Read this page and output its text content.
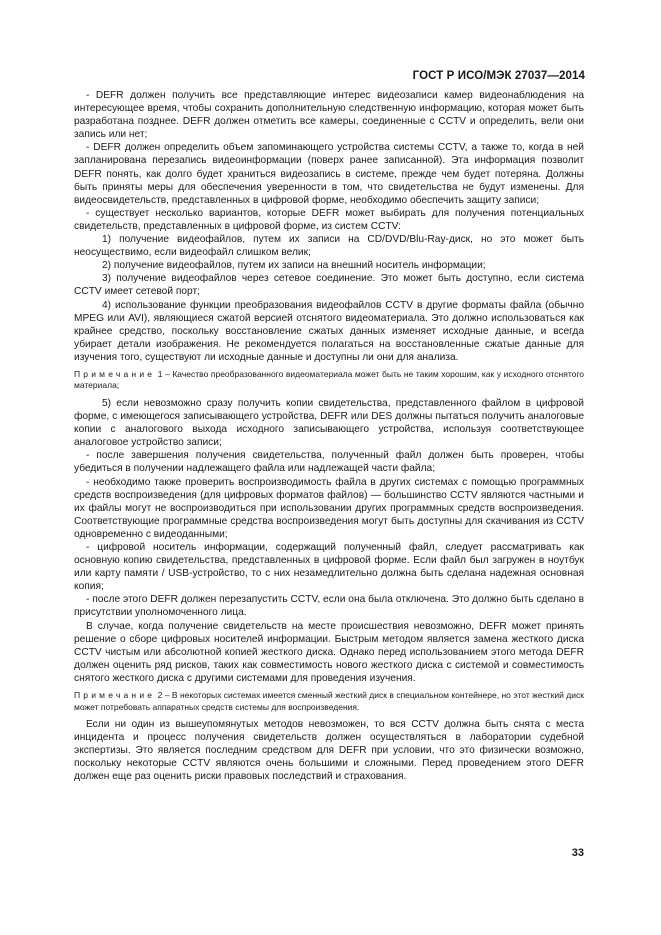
ГОСТ Р ИСО/МЭК 27037—2014

- DEFR должен получить все представляющие интерес видеозаписи камер видеонаблюдения на интересующее время, чтобы сохранить дополнительную следственную информацию, которая может быть разработана позднее. DEFR должен отметить все камеры, соединенные с CCTV и определить, вели они запись или нет;

- DEFR должен определить объем запоминающего устройства системы CCTV, а также то, когда в ней запланирована перезапись видеоинформации (поверх ранее записанной). Эта информация позволит DEFR понять, как долго будет храниться видеозапись в системе, прежде чем будет потеряна. Должны быть приняты меры для обеспечения уверенности в том, что свидетельства не будут изменены. Для видеосвидетельств, представленных в цифровой форме, необходимо обеспечить защиту записи;

- существует несколько вариантов, которые DEFR может выбирать для получения потенциальных свидетельств, представленных в цифровой форме, из систем CCTV:

1) получение видеофайлов, путем их записи на CD/DVD/Blu-Ray-диск, но это может быть неосуществимо, если видеофайл слишком велик;

2) получение видеофайлов, путем их записи на внешний носитель информации;

3) получение видеофайлов через сетевое соединение. Это может быть доступно, если система CCTV имеет сетевой порт;

4) использование функции преобразования видеофайлов CCTV в другие форматы файла (обычно MPEG или AVI), являющиеся сжатой версией отснятого видеоматериала. Это должно использоваться как крайнее средство, поскольку восстановление сжатых данных изменяет исходные данные, и всегда убирает детали изображения. Не рекомендуется полагаться на восстановленные сжатые данные для изучения того, существуют ли исходные данные и доступны ли они для анализа.

Примечание 1 – Качество преобразованного видеоматериала может быть не таким хорошим, как у исходного отснятого материала;

5) если невозможно сразу получить копии свидетельства, представленного файлом в цифровой форме, с имеющегося записывающего устройства, DEFR или DES должны пытаться получить аналоговые копии с аналогового выхода исходного записывающего устройства, используя соответствующее аналоговое устройство записи;

- после завершения получения свидетельства, полученный файл должен быть проверен, чтобы убедиться в получении надлежащего файла или надлежащей части файла;

- необходимо также проверить воспроизводимость файла в других системах с помощью программных средств воспроизведения (для цифровых форматов файлов) — большинство CCTV являются частными и их файлы могут не воспроизводиться при использовании других программных средств воспроизведения. Соответствующие программные средства воспроизведения могут быть доступны для скачивания из CCTV одновременно с видеоданными;

- цифровой носитель информации, содержащий полученный файл, следует рассматривать как основную копию свидетельства, представленных в цифровой форме. Если файл был загружен в ноутбук или карту памяти / USB-устройство, то с них незамедлительно должна быть сделана надежная основная копия;

- после этого DEFR должен перезапустить CCTV, если она была отключена. Это должно быть сделано в присутствии уполномоченного лица.

В случае, когда получение свидетельств на месте происшествия невозможно, DEFR может принять решение о сборе цифровых носителей информации. Быстрым методом является замена жесткого диска CCTV чистым или абсолютной копией жесткого диска. Однако перед использованием этого метода DEFR должен оценить ряд рисков, таких как совместимость нового жесткого диска с системой и совместимость снятого жесткого диска с другими системами для проведения изучения.

Примечание 2 – В некоторых системах имеется сменный жесткий диск в специальном контейнере, но этот жесткий диск может потребовать аппаратных средств системы для воспроизведения.

Если ни один из вышеупомянутых методов невозможен, то вся CCTV должна быть снята с места инцидента и процесс получения свидетельств должен осуществляться в лаборатории судебной экспертизы. Это является последним средством для DEFR при условии, что это физически возможно, поскольку некоторые CCTV являются очень большими и сложными. Перед проведением этого DEFR должен еще раз оценить риски правовых последствий и страхования.

33
